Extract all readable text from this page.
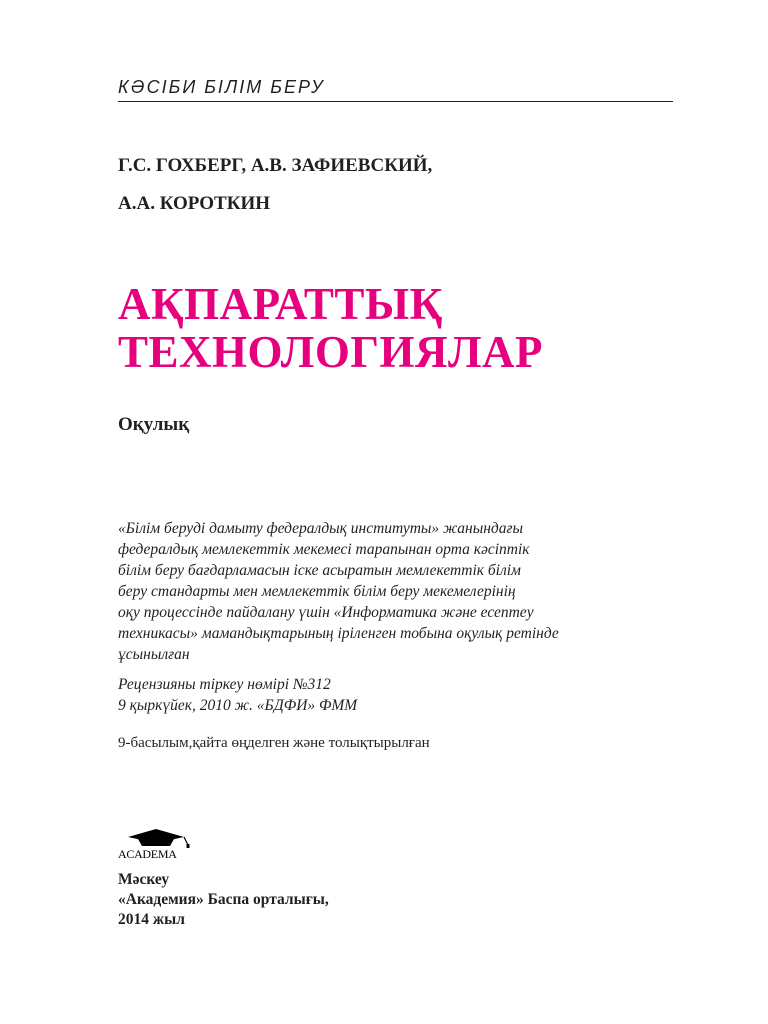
КӘСІБИ БІЛІМ БЕРУ
Г.С. ГОХБЕРГ, А.В. ЗАФИЕВСКИЙ,
А.А. КОРОТКИН
АҚПАРАТТЫҚ
ТЕХНОЛОГИЯЛАР
Оқулық
«Білім беруді дамыту федералдық институты» жанындағы
федералдық мемлекеттік мекемесі тарапынан орта кәсіптік
білім беру бағдарламасын іске асыратын мемлекеттік білім
беру стандарты мен мемлекеттік білім беру мекемелерінің
оқу процессінде пайдалану үшін «Информатика және есептеу
техникасы» мамандықтарының іріленген тобына оқулық ретінде
ұсынылған
Рецензияны тіркеу нөмірі №312
9 қыркүйек, 2010 ж. «БДФИ» ФММ
9-басылым,қайта өңделген және толықтырылған
ACADEMA
Мәскеу
«Академия» Баспа орталығы,
2014 жыл
